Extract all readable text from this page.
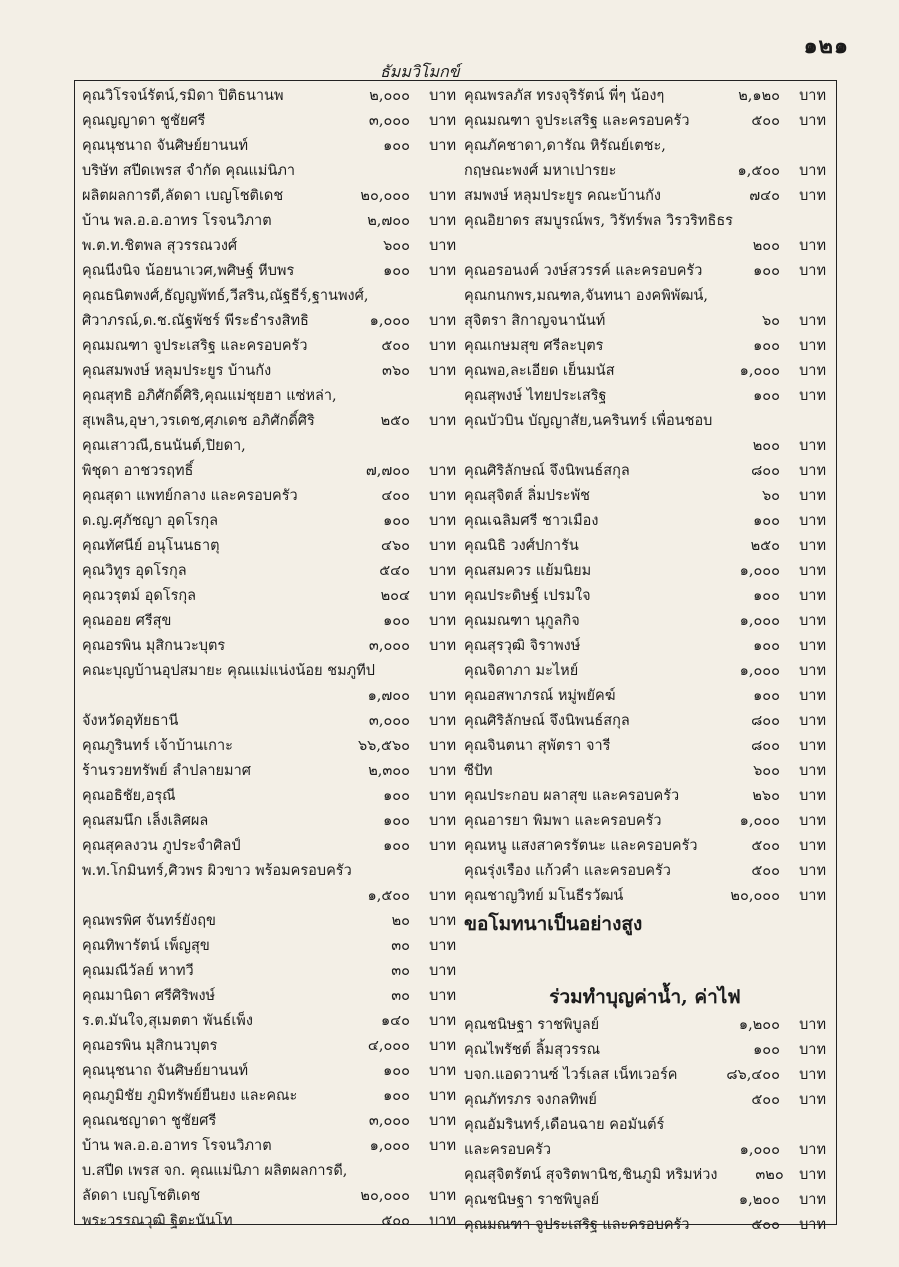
๑๒๑
ธัมมวิโมกข์
คุณวิโรจน์รัตน์,รมิดา ปิติธนานพ	๒,๐๐๐	บาท
คุณญญาดา ชูชัยศรี	๓,๐๐๐	บาท
คุณนุชนาถ จันศิษย์ยานนท์	๑๐๐	บาท
บริษัท สปีดเพรส จำกัด คุณแม่นิภา
ผลิตผลการดี,ลัดดา เบญโชติเดช	๒๐,๐๐๐	บาท
บ้าน พล.อ.อ.อาทร โรจนวิภาต	๒,๗๐๐	บาท
พ.ต.ท.ชิตพล สุวรรณวงศ์	๖๐๐	บาท
คุณนีงนิจ น้อยนาเวศ,พศิษฐ์ หีบพร	๑๐๐	บาท
คุณธนิตพงศ์,ธัญญพัทธ์,วีสริน,ณัฐธีร์,ฐานพงศ์,
ศิวาภรณ์,ด.ช.ณัฐพัชร์ พีระธำรงสิทธิ	๑,๐๐๐	บาท
คุณมณฑา จูประเสริฐ และครอบครัว	๕๐๐	บาท
คุณสมพงษ์ หลุมประยูร บ้านกัง	๓๖๐	บาท
คุณสุทธิ อภิศักดิ์ศิริ,คุณแม่ชุยฮา แซ่หล่า,
สุเพลิน,อุษา,วรเดช,ศุภเดช อภิศักดิ์ศิริ	๒๕๐	บาท
คุณเสาวณี,ธนนันต์,ปิยดา,
พิชุดา อาชวรฤทธิ์	๗,๗๐๐	บาท
คุณสุดา แพทย์กลาง และครอบครัว	๔๐๐	บาท
ด.ญ.ศุภัชญา อุดโรกุล	๑๐๐	บาท
คุณทัศนีย์ อนุโนนธาตุ	๔๖๐	บาท
คุณวิทูร อุดโรกุล	๕๔๐	บาท
คุณวรุตม์ อุดโรกุล	๒๐๔	บาท
คุณออย ศรีสุข	๑๐๐	บาท
คุณอรพิน มุสิกนวะบุตร	๓,๐๐๐	บาท
คณะบุญบ้านอุปสมายะ คุณแม่แน่งน้อย ชมภูทีป
๑,๗๐๐	บาท
จังหวัดอุทัยธานี	๓,๐๐๐	บาท
คุณภูรินทร์ เจ้าบ้านเกาะ	๖๖,๕๖๐	บาท
ร้านรวยทรัพย์ ลำปลายมาศ	๒,๓๐๐	บาท
คุณอธิชัย,อรุณี	๑๐๐	บาท
คุณสมนึก เล็งเลิศผล	๑๐๐	บาท
คุณสุคลงวน ภูประจำศิลป์	๑๐๐	บาท
พ.ท.โกมินทร์,ศิวพร ผิวขาว พร้อมครอบครัว
๑,๕๐๐	บาท
คุณพรพิศ จันทร์ยังฤข	๒๐	บาท
คุณทิพารัตน์ เพ็ญสุข	๓๐	บาท
คุณมณีวัลย์ หาทวี	๓๐	บาท
คุณมานิดา ศรีศิริพงษ์	๓๐	บาท
ร.ต.มันใจ,สุเมตตา พันธ์เพ็ง	๑๔๐	บาท
คุณอรพิน มุสิกนวบุตร	๔,๐๐๐	บาท
คุณนุชนาถ จันศิษย์ยานนท์	๑๐๐	บาท
คุณภูมิชัย ภูมิทรัพย์ยืนยง และคณะ	๑๐๐	บาท
คุณณชญาดา ชูชัยศรี	๓,๐๐๐	บาท
บ้าน พล.อ.อ.อาทร โรจนวิภาต	๑,๐๐๐	บาท
บ.สปีด เพรส จก. คุณแม่นิภา ผลิตผลการดี,
ลัดดา เบญโชติเดช	๒๐,๐๐๐	บาท
พระวรรณวุฒิ ฐิตะนันโท	๕๐๐	บาท
คุณพรลภัส ทรงจุริรัตน์ พี่ๆ น้องๆ	๒,๑๒๐	บาท
คุณมณฑา จูประเสริฐ และครอบครัว	๕๐๐	บาท
คุณภัคชาดา,ดารัณ หิรัณย์เตชะ,
กฤษณะพงศ์ มหาเปารยะ	๑,๕๐๐	บาท
สมพงษ์ หลุมประยูร คณะบ้านกัง	๗๔๐	บาท
คุณอิยาดร สมบูรณ์พร, วิรัทร์พล วิรวริทธิธร
๒๐๐	บาท
คุณอรอนงค์ วงษ์สวรรค์ และครอบครัว	๑๐๐	บาท
คุณกนกพร,มณฑล,จันทนา องคพิพัฒน์,
สุจิตรา สิกาญจนานันท์	๖๐	บาท
คุณเกษมสุข ศรีละบุตร	๑๐๐	บาท
คุณพอ,ละเอียด เย็นมนัส	๑,๐๐๐	บาท
คุณสุพงษ์ ไทยประเสริฐ	๑๐๐	บาท
คุณบัวบิน บัญญาสัย,นครินทร์ เพื่อนชอบ
๒๐๐	บาท
คุณศิริลักษณ์ จึงนิพนธ์สกุล	๘๐๐	บาท
คุณสุจิตส์ ลิ่มประพัช	๖๐	บาท
คุณเฉลิมศรี ชาวเมือง	๑๐๐	บาท
คุณนิธิ วงศ์ปการัน	๒๕๐	บาท
คุณสมควร แย้มนิยม	๑,๐๐๐	บาท
คุณประดิษฐ์ เปรมใจ	๑๐๐	บาท
คุณมณฑา นุกูลกิจ	๑,๐๐๐	บาท
คุณสุรวุฒิ จิราพงษ์	๑๐๐	บาท
คุณจิดาภา มะไหย์	๑,๐๐๐	บาท
คุณอสพาภรณ์ หมู่พยัคฆ์	๑๐๐	บาท
คุณศิริลักษณ์ จึงนิพนธ์สกุล	๘๐๐	บาท
คุณจินตนา สุพัตรา จารี	๘๐๐	บาท
ซีปัท	๖๐๐	บาท
คุณประกอบ ผลาสุข และครอบครัว	๒๖๐	บาท
คุณอารยา พิมพา และครอบครัว	๑,๐๐๐	บาท
คุณหนู แสงสาครรัตนะ และครอบครัว	๕๐๐	บาท
คุณรุ่งเรือง แก้วคำ และครอบครัว	๕๐๐	บาท
คุณชาญวิทย์ มโนธีรวัฒน์	๒๐,๐๐๐	บาท
ขอโมทนาเป็นอย่างสูง
ร่วมทำบุญค่าน้ำ, ค่าไฟ
คุณชนิษฐา ราชพิบูลย์	๑,๒๐๐	บาท
คุณไพรัชต์ ลิ้มสุวรรณ	๑๐๐	บาท
บจก.แอดวานซ์ ไวร์เลส เน็ทเวอร์ค	๘๖,๔๐๐	บาท
คุณภัทรภร จงกลทิพย์	๕๐๐	บาท
คุณอัมรินทร์,เดือนฉาย คอมันต์ร์
และครอบครัว	๑,๐๐๐	บาท
คุณสุจิตรัตน์ สุจริตพานิช,ชินภูมิ หริมห่วง	๓๒๐	บาท
คุณชนิษฐา ราชพิบูลย์	๑,๒๐๐	บาท
คุณมณฑา จูประเสริฐ และครอบครัว	๕๐๐	บาท
